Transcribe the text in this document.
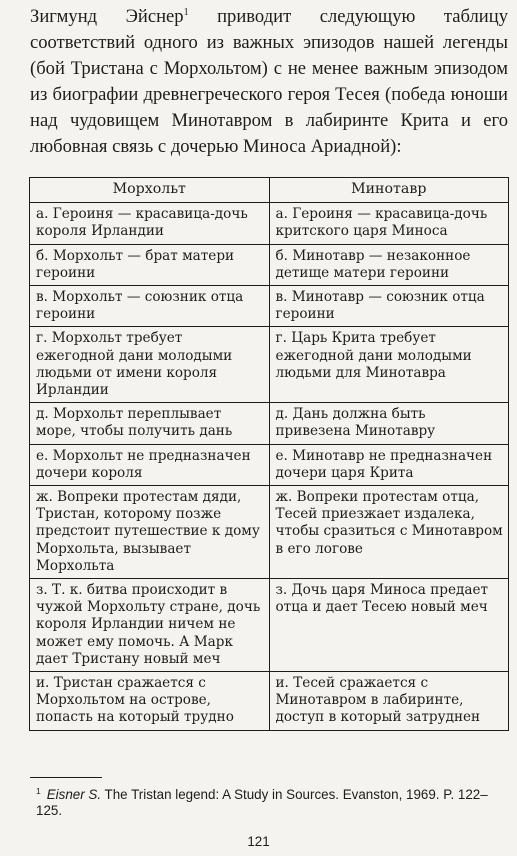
Зигмунд Эйснер$^1$ приводит следующую таблицу соответствий одного из важных эпизодов нашей легенды (бой Тристана с Морхольтом) с не менее важным эпизодом из биографии древнегреческого героя Тесея (победа юноши над чудовищем Минотавром в лабиринте Крита и его любовная связь с дочерью Миноса Ариадной):

Морхольт	Минотавр
а. Героиня — красавица-дочь короля Ирландии	а. Героиня — красавица-дочь критского царя Миноса
б. Морхольт — брат матери героини	б. Минотавр — незаконное детище матери героини
в. Морхольт — союзник отца героини	в. Минотавр — союзник отца героини
г. Морхольт требует ежегодной дани молодыми людьми от имени короля Ирландии	г. Царь Крита требует ежегодной дани молодыми людьми для Минотавра
д. Морхольт переплывает море, чтобы получить дань	д. Дань должна быть привезена Минотавру
е. Морхольт не предназначен дочери короля	е. Минотавр не предназначен дочери царя Крита
ж. Вопреки протестам дяди, Тристан, которому позже предстоит путешествие к дому Морхольта, вызывает Морхольта	ж. Вопреки протестам отца, Тесей приезжает издалека, чтобы сразиться с Минотавром в его логове
з. Т. к. битва происходит в чужой Морхольту стране, дочь короля Ирландии ничем не может ему помочь. А Марк дает Тристану новый меч	з. Дочь царя Миноса предает отца и дает Тесею новый меч
и. Тристан сражается с Морхольтом на острове, попасть на который трудно	и. Тесей сражается с Минотавром в лабиринте, доступ в который затруднен

$^1$ Eisner S. The Tristan legend: A Study in Sources. Evanston, 1969. P. 122–125.

121
